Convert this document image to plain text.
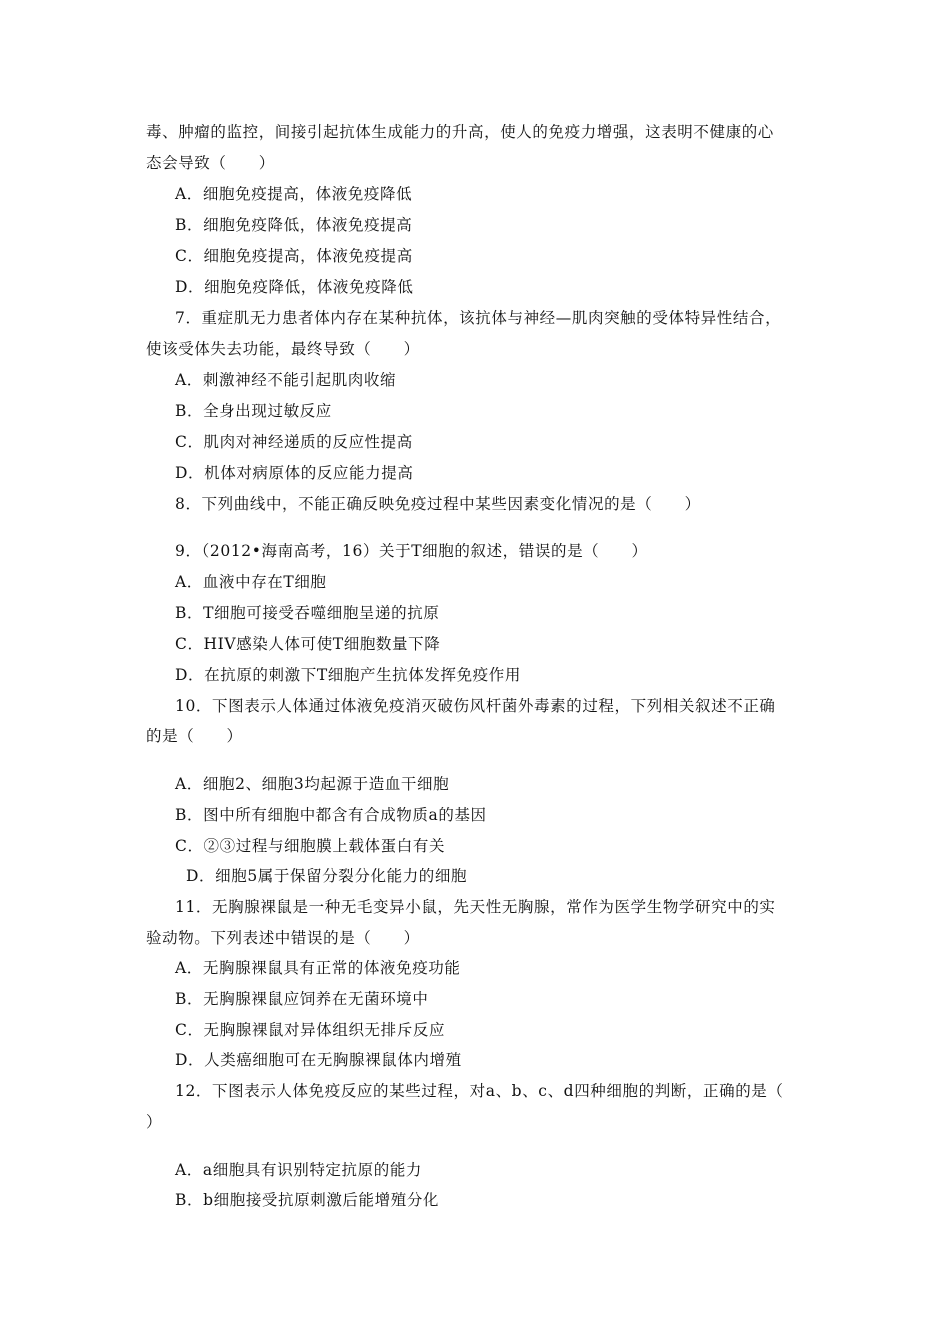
毒、肿瘤的监控，间接引起抗体生成能力的升高，使人的免疫力增强，这表明不健康的心
态会导致（　　）
A．细胞免疫提高，体液免疫降低
B．细胞免疫降低，体液免疫提高
C．细胞免疫提高，体液免疫提高
D．细胞免疫降低，体液免疫降低
7．重症肌无力患者体内存在某种抗体，该抗体与神经—肌肉突触的受体特异性结合，
使该受体失去功能，最终导致（　　）
A．刺激神经不能引起肌肉收缩
B．全身出现过敏反应
C．肌肉对神经递质的反应性提高
D．机体对病原体的反应能力提高
8．下列曲线中，不能正确反映免疫过程中某些因素变化情况的是（　　）
9．（2012•海南高考，16）关于T细胞的叙述，错误的是（　　）
A．血液中存在T细胞
B．T细胞可接受吞噬细胞呈递的抗原
C．HIV感染人体可使T细胞数量下降
D．在抗原的刺激下T细胞产生抗体发挥免疫作用
10．下图表示人体通过体液免疫消灭破伤风杆菌外毒素的过程，下列相关叙述不正确
的是（　　）
A．细胞2、细胞3均起源于造血干细胞
B．图中所有细胞中都含有合成物质a的基因
C．②③过程与细胞膜上载体蛋白有关
D．细胞5属于保留分裂分化能力的细胞
11．无胸腺裸鼠是一种无毛变异小鼠，先天性无胸腺，常作为医学生物学研究中的实
验动物。下列表述中错误的是（　　）
A．无胸腺裸鼠具有正常的体液免疫功能
B．无胸腺裸鼠应饲养在无菌环境中
C．无胸腺裸鼠对异体组织无排斥反应
D．人类癌细胞可在无胸腺裸鼠体内增殖
12．下图表示人体免疫反应的某些过程，对a、b、c、d四种细胞的判断，正确的是（
）
A．a细胞具有识别特定抗原的能力
B．b细胞接受抗原刺激后能增殖分化
